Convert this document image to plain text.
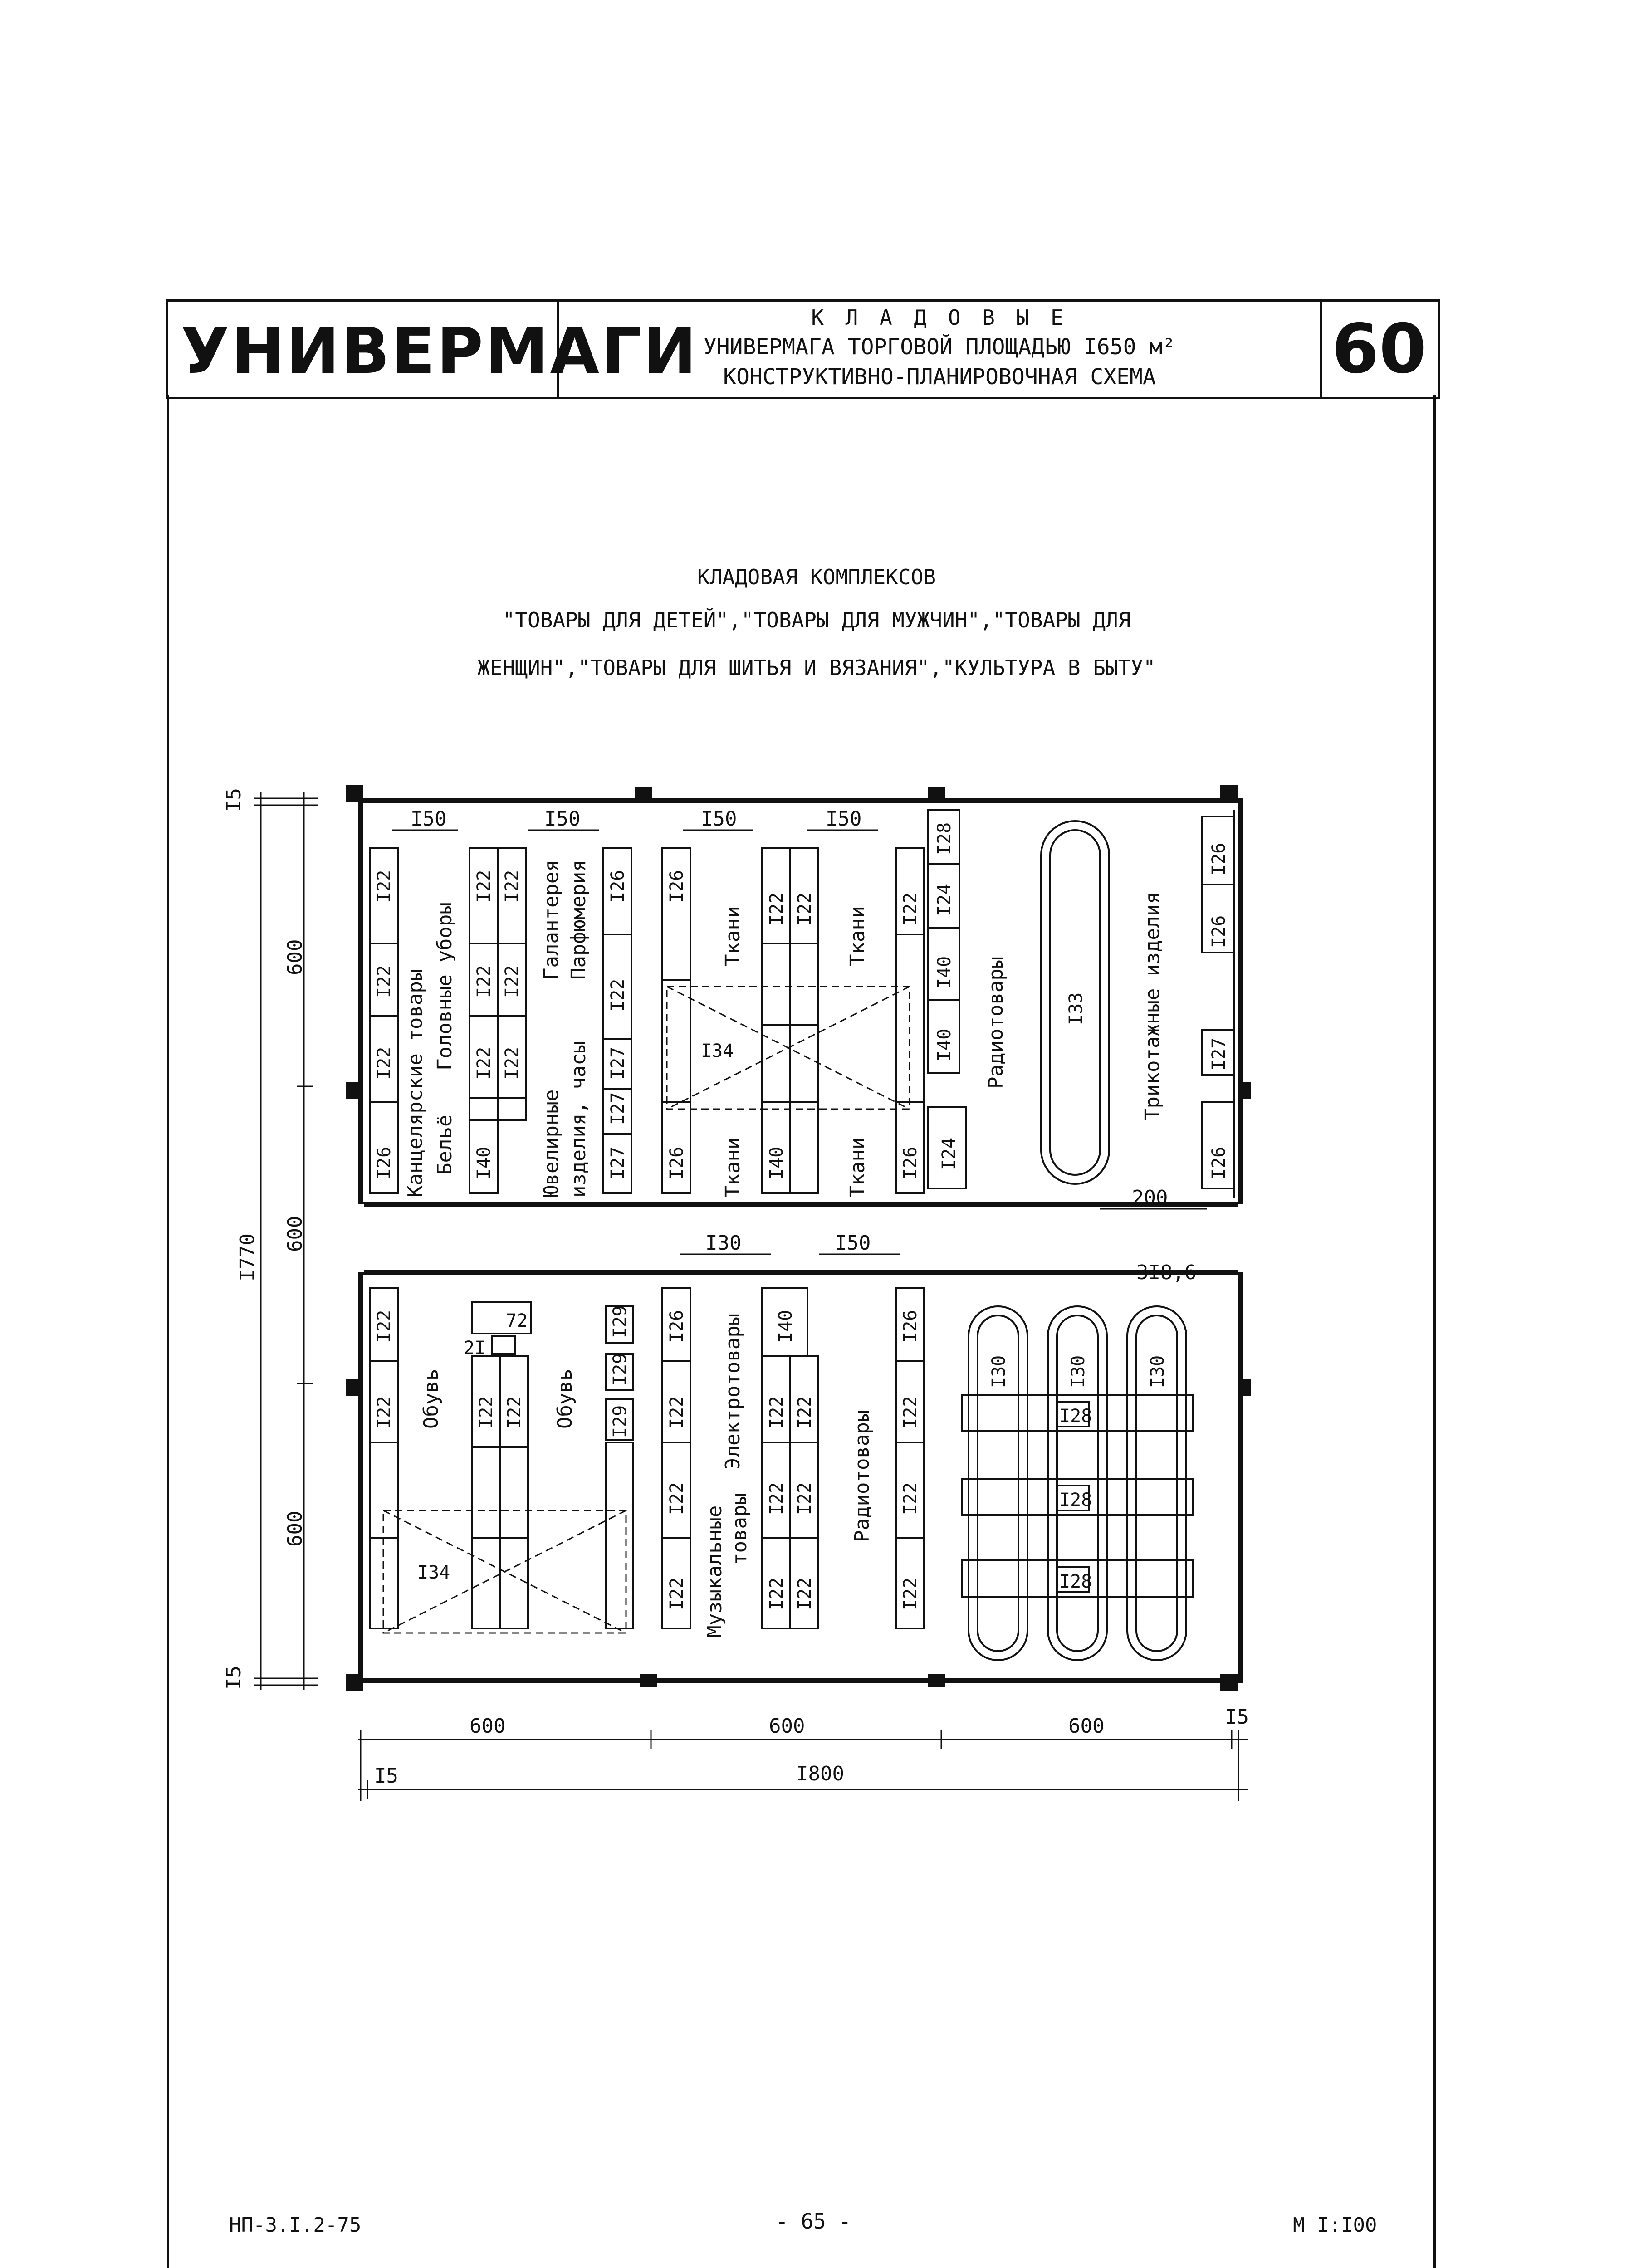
УНИВЕРМАГИ	К Л А Д О В Ы Е
УНИВЕРМАГА ТОРГОВОЙ ПЛОЩАДЬЮ I650 м²
КОНСТРУКТИВНО-ПЛАНИРОВОЧНАЯ СХЕМА	60
КЛАДОВАЯ КОМПЛЕКСОВ
"ТОВАРЫ ДЛЯ ДЕТЕЙ","ТОВАРЫ ДЛЯ МУЖЧИН","ТОВАРЫ ДЛЯ
ЖЕНЩИН","ТОВАРЫ ДЛЯ ШИТЬЯ И ВЯЗАНИЯ","КУЛЬТУРА В БЫТУ"
I22
I22
I22
I26
I22 I22
I22 I22
I22 I22
I40
I26
I22
I27
I27
I27
I26
I26
I22 I22
I40
I22
I26
I28
I24
I40
I40
I24
I33
I26
I26
I27
I26
I34
I22
I22	I22 I22
72
2I
I29
I29
I29
I26
I22
I22
I22
I40
I22 I22
I22 I22
I22 I22
I26
I22
I22
I22
I30	I30	I30
I28
I28
I28
I34
I50	I50	I50	I50
I5
600
600
600
I5
I770
600	600	600	I5
I5	I800
I30	I50
200
3I8,6
Канцелярские товары Бельё
Головные уборы
Ювелирные изделия, часы
Галантерея Парфюмерия	Ткани
Ткани
Ткани
Ткани
Радиотовары	Трикотажные изделия
Обувь	Обувь
Музыкальные товары
Электротовары
Радиотовары
НП-3.I.2-75	- 65 -	М I:I00
